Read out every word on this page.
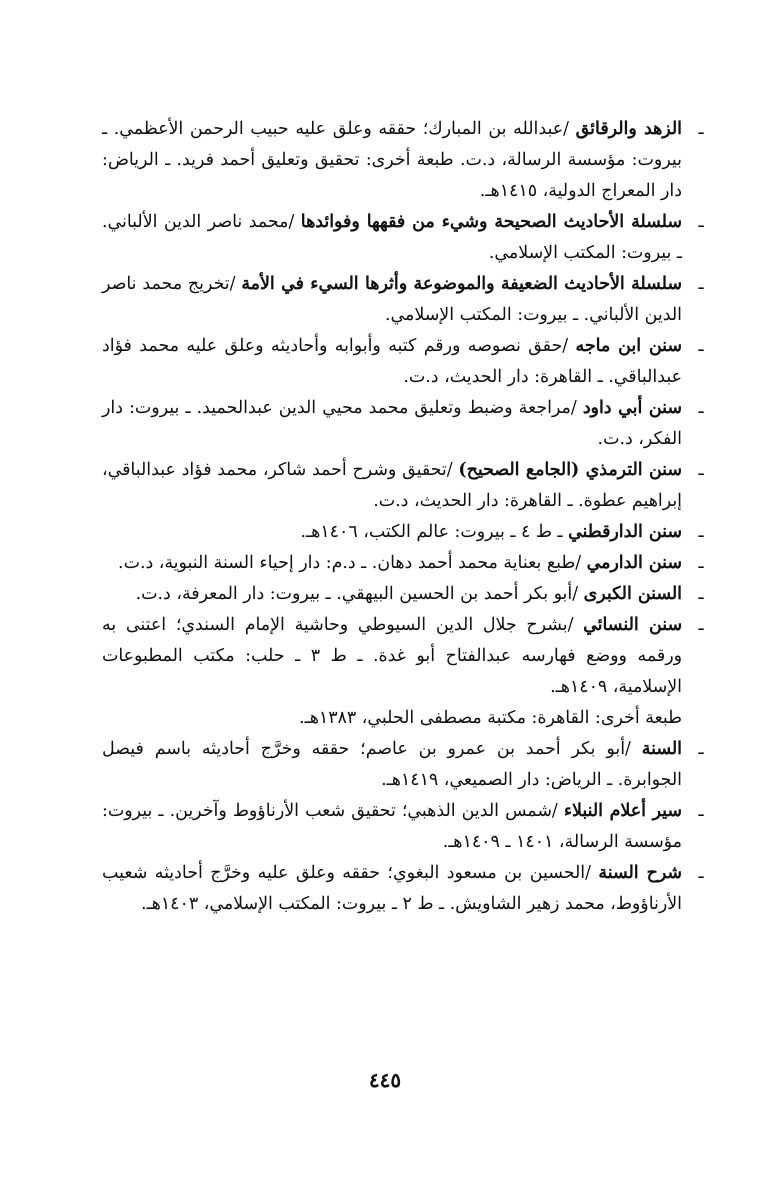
ـ

الزهد والرقائق /عبدالله بن المبارك؛ حققه وعلق عليه حبيب الرحمن الأعظمي. ـ بيروت: مؤسسة الرسالة، د.ت. طبعة أخرى: تحقيق وتعليق أحمد فريد. ـ الرياض: دار المعراج الدولية، ١٤١٥هـ.

ـ

سلسلة الأحاديث الصحيحة وشيء من فقهها وفوائدها /محمد ناصر الدين الألباني. ـ بيروت: المكتب الإسلامي.

ـ

سلسلة الأحاديث الضعيفة والموضوعة وأثرها السيء في الأمة /تخريج محمد ناصر الدين الألباني. ـ بيروت: المكتب الإسلامي.

ـ

سنن ابن ماجه /حقق نصوصه ورقم كتبه وأبوابه وأحاديثه وعلق عليه محمد فؤاد عبدالباقي. ـ القاهرة: دار الحديث، د.ت.

ـ

سنن أبي داود /مراجعة وضبط وتعليق محمد محيي الدين عبدالحميد. ـ بيروت: دار الفكر، د.ت.

ـ

سنن الترمذي (الجامع الصحيح) /تحقيق وشرح أحمد شاكر، محمد فؤاد عبدالباقي، إبراهيم عطوة. ـ القاهرة: دار الحديث، د.ت.

ـ

سنن الدارقطني ـ ط ٤ ـ بيروت: عالم الكتب، ١٤٠٦هـ.

ـ

سنن الدارمي /طبع بعناية محمد أحمد دهان. ـ د.م: دار إحياء السنة النبوية، د.ت.

ـ

السنن الكبرى /أبو بكر أحمد بن الحسين البيهقي. ـ بيروت: دار المعرفة، د.ت.

ـ

سنن النسائي /بشرح جلال الدين السيوطي وحاشية الإمام السندي؛ اعتنى به ورقمه ووضع فهارسه عبدالفتاح أبو غدة. ـ ط ٣ ـ حلب: مكتب المطبوعات الإسلامية، ١٤٠٩هـ.

طبعة أخرى: القاهرة: مكتبة مصطفى الحلبي، ١٣٨٣هـ.

ـ

السنة /أبو بكر أحمد بن عمرو بن عاصم؛ حققه وخرَّج أحاديثه باسم فيصل الجوابرة. ـ الرياض: دار الصميعي، ١٤١٩هـ.

ـ

سير أعلام النبلاء /شمس الدين الذهبي؛ تحقيق شعب الأرناؤوط وآخرين. ـ بيروت: مؤسسة الرسالة، ١٤٠١ ـ ١٤٠٩هـ.

ـ

شرح السنة /الحسين بن مسعود البغوي؛ حققه وعلق عليه وخرَّج أحاديثه شعيب الأرناؤوط، محمد زهير الشاويش. ـ ط ٢ ـ بيروت: المكتب الإسلامي، ١٤٠٣هـ.

٤٤٥
